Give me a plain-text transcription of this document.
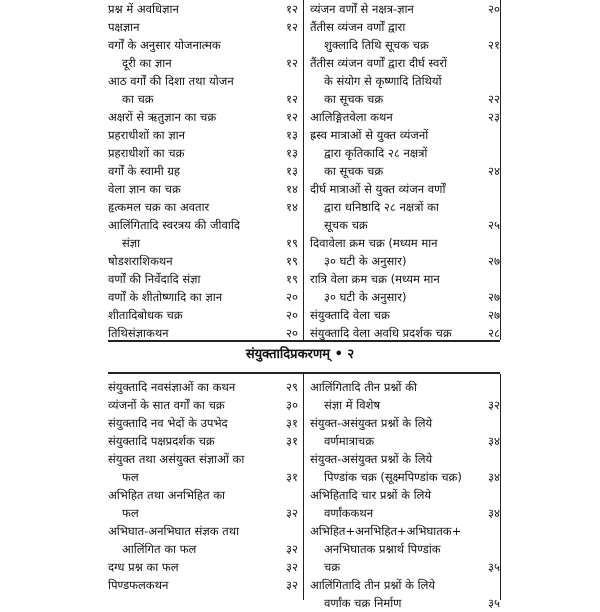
प्रश्न में अवधिज्ञान	१२
पक्षज्ञान	१२
वर्गों के अनुसार योजनात्मक
दूरी का ज्ञान	१२
आठ वर्गों की दिशा तथा योजन
का चक्र	१२
अक्षरों से ऋतुज्ञान का चक्र	१२
प्रहराधीशों का ज्ञान	१३
प्रहराधीशों का चक्र	१३
वर्गों के स्वामी ग्रह	१३
वेला ज्ञान का चक्र	१४
हृत्कमल चक्र का अवतार	१४
आलिंगितादि स्वरत्रय की जीवादि
संज्ञा	१९
षोडशराशिकथन	१९
वर्णों की निर्वेदादि संज्ञा	१९
वर्णों के शीतोष्णादि का ज्ञान	२०
शीतादिबोधक चक्र	२०
तिथिसंज्ञाकथन	२०
व्यंजन वर्णों से नक्षत्र-ज्ञान	२०
तैंतीस व्यंजन वर्णों द्वारा
शुक्लादि तिथि सूचक चक्र	२१
तैंतीस व्यंजन वर्णों द्वारा दीर्घ स्वरों
के संयोग से कृष्णादि तिथियों
का सूचक चक्र	२२
आलिङ्गितवेला कथन	२३
ह्रस्व मात्राओं से युक्त व्यंजनों
द्वारा कृतिकादि २८ नक्षत्रों
का सूचक चक्र	२४
दीर्घ मात्राओं से युक्त व्यंजन वर्णों
द्वारा धनिष्ठादि २८ नक्षत्रों का
सूचक चक्र	२५
दिवावेला क्रम चक्र (मध्यम मान
३० घटी के अनुसार)	२७
रात्रि वेला क्रम चक्र (मध्यम मान
३० घटी के अनुसार)	२७
संयुक्तादि वेला चक्र	२७
संयुक्तादि वेला अवधि प्रदर्शक चक्र	२८
संयुक्तादिप्रकरणम् • २
संयुक्तादि नवसंज्ञाओं का कथन	२९
व्यंजनों के सात वर्गों का चक्र	३०
संयुक्तादि नव भेदों के उपभेद	३१
संयुक्तादि पक्षप्रदर्शक चक्र	३१
संयुक्त तथा असंयुक्त संज्ञाओं का
फल	३१
अभिहित तथा अनभिहित का
फल	३२
अभिघात-अनभिघात संज्ञक तथा
आलिंगित का फल	३२
दग्ध प्रश्न का फल	३२
पिण्डफलकथन	३२
आलिंगितादि तीन प्रश्नों की
संज्ञा में विशेष	३२
संयुक्त-असंयुक्त प्रश्नों के लिये
वर्णमात्राचक्र	३४
संयुक्त-असंयुक्त प्रश्नों के लिये
पिण्डांक चक्र (सूक्ष्मपिण्डांक चक्र)	३४
अभिहितादि चार प्रश्नों के लिये
वर्णांककथन	३४
अभिहित+अनभिहित+अभिघातक+
अनभिघातक प्रश्नार्थ पिण्डांक
चक्र	३५
आलिंगितादि तीन प्रश्नों के लिये
वर्णांक चक्र निर्माण	३५
